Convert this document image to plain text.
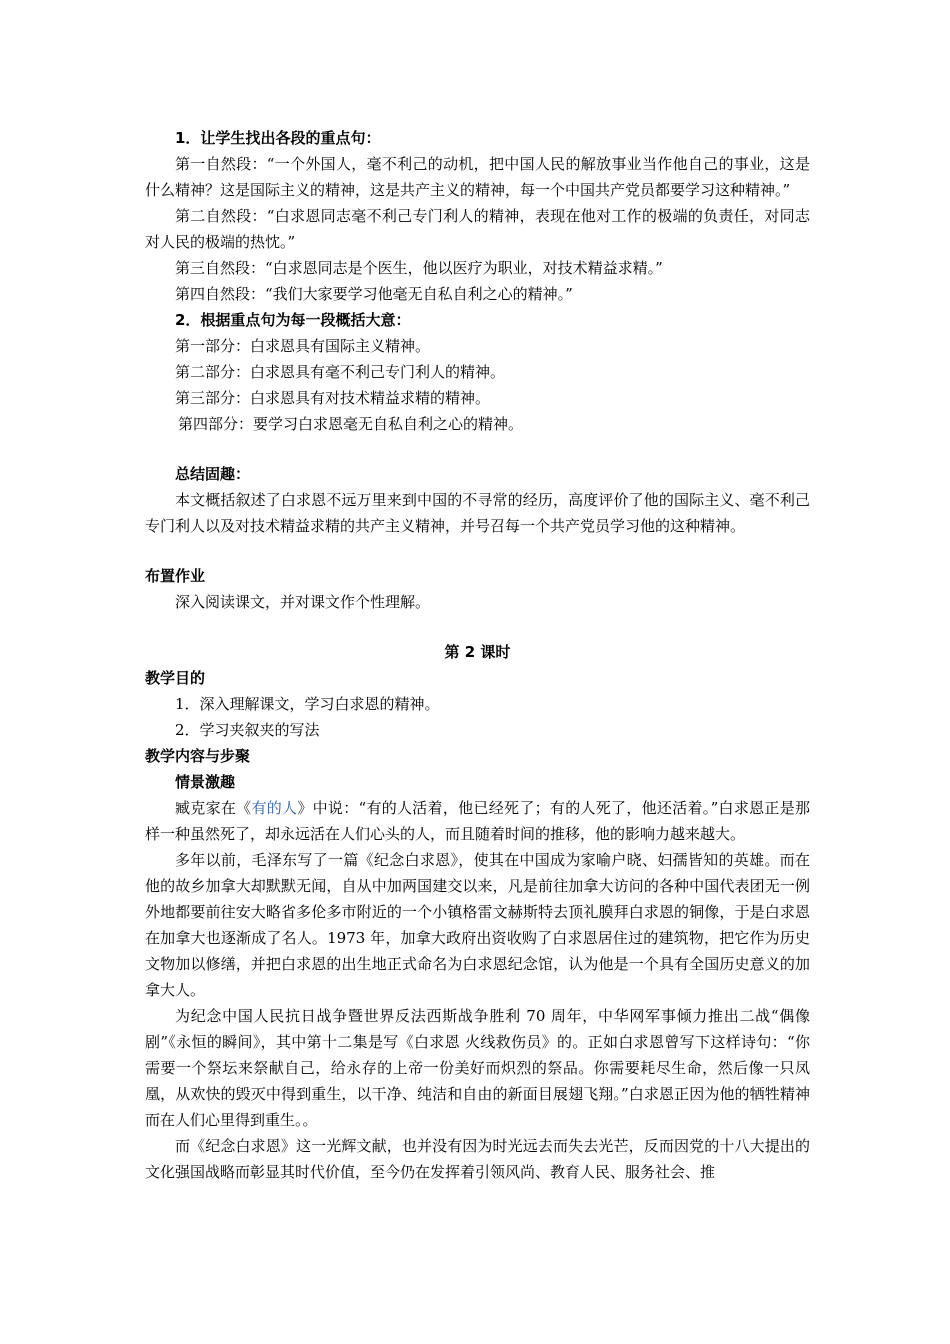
1．让学生找出各段的重点句：

第一自然段：“一个外国人，毫不利己的动机，把中国人民的解放事业当作他自己的事业，这是什么精神？这是国际主义的精神，这是共产主义的精神，每一个中国共产党员都要学习这种精神。”

第二自然段：“白求恩同志毫不利己专门利人的精神，表现在他对工作的极端的负责任，对同志对人民的极端的热忱。”

第三自然段：“白求恩同志是个医生，他以医疗为职业，对技术精益求精。”

第四自然段：“我们大家要学习他毫无自私自利之心的精神。”

2．根据重点句为每一段概括大意：

第一部分：白求恩具有国际主义精神。

第二部分：白求恩具有毫不利己专门利人的精神。

第三部分：白求恩具有对技术精益求精的精神。

第四部分：要学习白求恩毫无自私自利之心的精神。

总结固趣：

本文概括叙述了白求恩不远万里来到中国的不寻常的经历，高度评价了他的国际主义、毫不利己专门利人以及对技术精益求精的共产主义精神，并号召每一个共产党员学习他的这种精神。

布置作业

深入阅读课文，并对课文作个性理解。

第 2 课时

教学目的

1．深入理解课文，学习白求恩的精神。

2．学习夹叙夹的写法

教学内容与步聚

情景激趣

臧克家在《有的人》中说：“有的人活着，他已经死了；有的人死了，他还活着。”白求恩正是那样一种虽然死了，却永远活在人们心头的人，而且随着时间的推移，他的影响力越来越大。

多年以前，毛泽东写了一篇《纪念白求恩》，使其在中国成为家喻户晓、妇孺皆知的英雄。而在他的故乡加拿大却默默无闻，自从中加两国建交以来，凡是前往加拿大访问的各种中国代表团无一例外地都要前往安大略省多伦多市附近的一个小镇格雷文赫斯特去顶礼膜拜白求恩的铜像，于是白求恩在加拿大也逐渐成了名人。1973 年，加拿大政府出资收购了白求恩居住过的建筑物，把它作为历史文物加以修缮，并把白求恩的出生地正式命名为白求恩纪念馆，认为他是一个具有全国历史意义的加拿大人。

为纪念中国人民抗日战争暨世界反法西斯战争胜利 70 周年，中华网军事倾力推出二战“偶像剧”《永恒的瞬间》，其中第十二集是写《白求恩 火线救伤员》的。正如白求恩曾写下这样诗句：“你需要一个祭坛来祭献自己，给永存的上帝一份美好而炽烈的祭品。你需要耗尽生命，然后像一只凤凰，从欢快的毁灭中得到重生，以干净、纯洁和自由的新面目展翅飞翔。”白求恩正因为他的牺牲精神而在人们心里得到重生。。

而《纪念白求恩》这一光辉文献，也并没有因为时光远去而失去光芒，反而因党的十八大提出的文化强国战略而彰显其时代价值，至今仍在发挥着引领风尚、教育人民、服务社会、推
